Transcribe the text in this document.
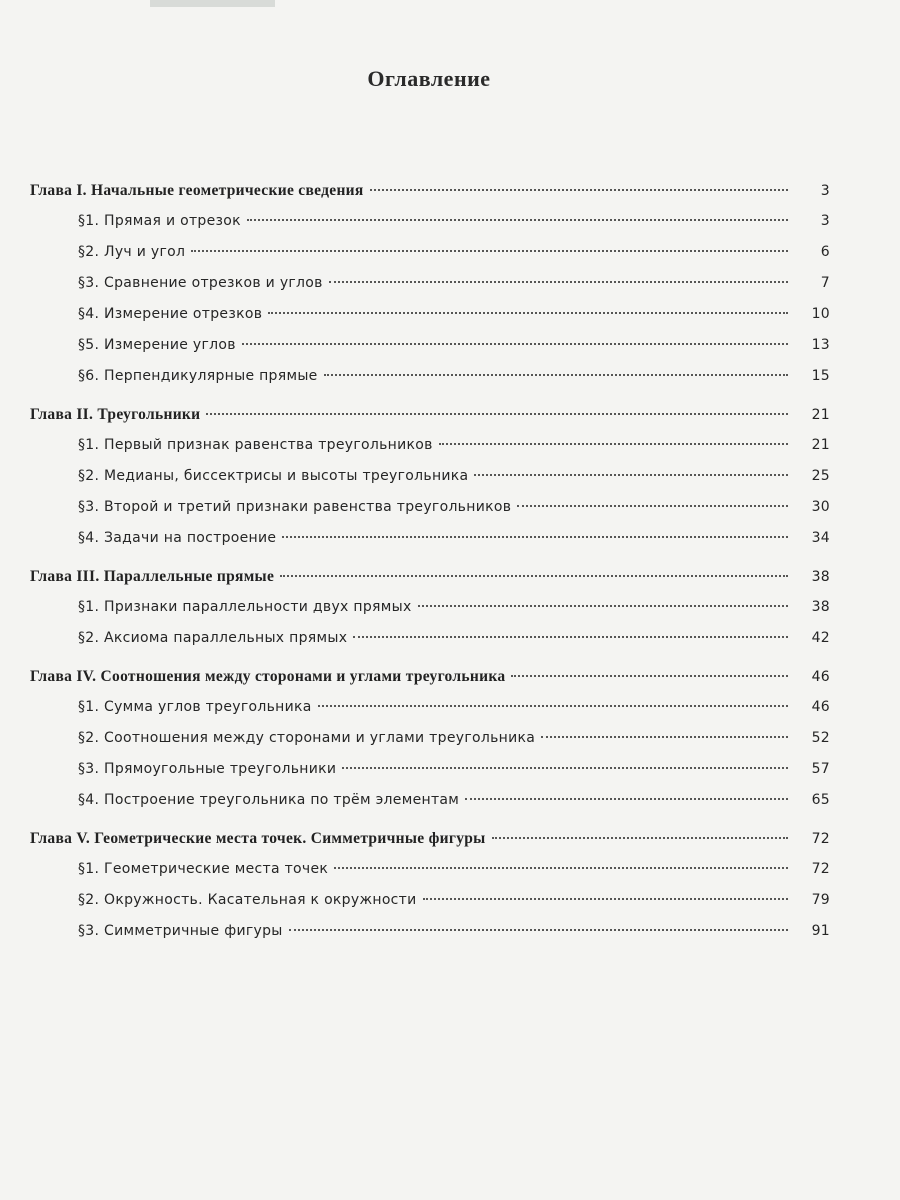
Оглавление
Глава I. Начальные геометрические сведения	3
§1. Прямая и отрезок	3
§2. Луч и угол	6
§3. Сравнение отрезков и углов	7
§4. Измерение отрезков	10
§5. Измерение углов	13
§6. Перпендикулярные прямые	15
Глава II. Треугольники	21
§1. Первый признак равенства треугольников	21
§2. Медианы, биссектрисы и высоты треугольника	25
§3. Второй и третий признаки равенства треугольников	30
§4. Задачи на построение	34
Глава III. Параллельные прямые	38
§1. Признаки параллельности двух прямых	38
§2. Аксиома параллельных прямых	42
Глава IV. Соотношения между сторонами и углами треугольника	46
§1. Сумма углов треугольника	46
§2. Соотношения между сторонами и углами треугольника	52
§3. Прямоугольные треугольники	57
§4. Построение треугольника по трём элементам	65
Глава V. Геометрические места точек. Симметричные фигуры	72
§1. Геометрические места точек	72
§2. Окружность. Касательная к окружности	79
§3. Симметричные фигуры	91
